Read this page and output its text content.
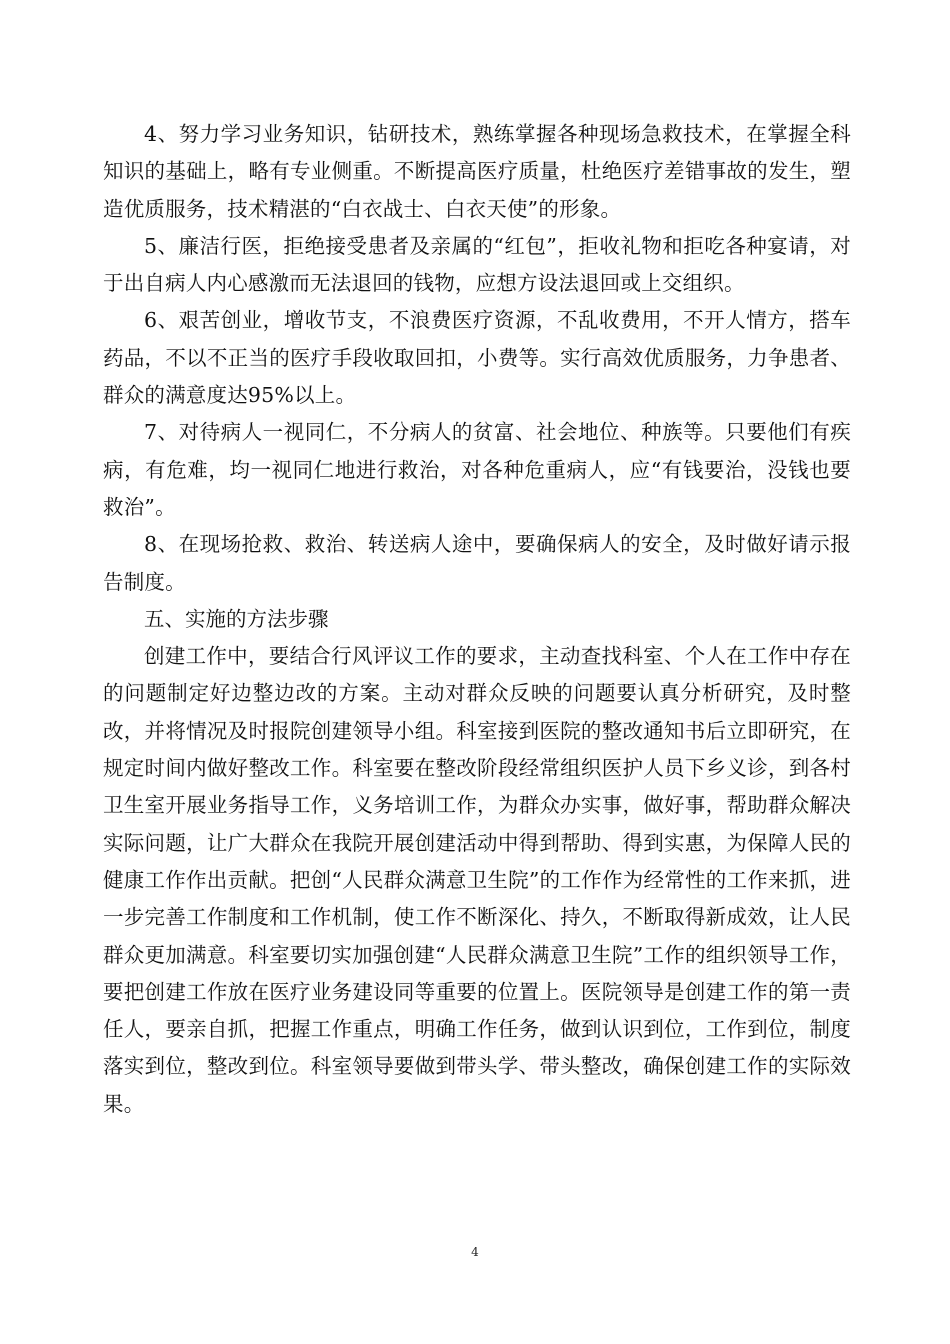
4、努力学习业务知识，钻研技术，熟练掌握各种现场急救技术，在掌握全科知识的基础上，略有专业侧重。不断提高医疗质量，杜绝医疗差错事故的发生，塑造优质服务，技术精湛的“白衣战士、白衣天使”的形象。

5、廉洁行医，拒绝接受患者及亲属的“红包”，拒收礼物和拒吃各种宴请，对于出自病人内心感激而无法退回的钱物，应想方设法退回或上交组织。

6、艰苦创业，增收节支，不浪费医疗资源，不乱收费用，不开人情方，搭车药品，不以不正当的医疗手段收取回扣，小费等。实行高效优质服务，力争患者、群众的满意度达95%以上。

7、对待病人一视同仁，不分病人的贫富、社会地位、种族等。只要他们有疾病，有危难，均一视同仁地进行救治，对各种危重病人，应“有钱要治，没钱也要救治”。

8、在现场抢救、救治、转送病人途中，要确保病人的安全，及时做好请示报告制度。

五、实施的方法步骤

创建工作中，要结合行风评议工作的要求，主动查找科室、个人在工作中存在的问题制定好边整边改的方案。主动对群众反映的问题要认真分析研究，及时整改，并将情况及时报院创建领导小组。科室接到医院的整改通知书后立即研究，在规定时间内做好整改工作。科室要在整改阶段经常组织医护人员下乡义诊，到各村卫生室开展业务指导工作，义务培训工作，为群众办实事，做好事，帮助群众解决实际问题，让广大群众在我院开展创建活动中得到帮助、得到实惠，为保障人民的健康工作作出贡献。把创“人民群众满意卫生院”的工作作为经常性的工作来抓，进一步完善工作制度和工作机制，使工作不断深化、持久，不断取得新成效，让人民群众更加满意。科室要切实加强创建“人民群众满意卫生院”工作的组织领导工作，要把创建工作放在医疗业务建设同等重要的位置上。医院领导是创建工作的第一责任人，要亲自抓，把握工作重点，明确工作任务，做到认识到位，工作到位，制度落实到位，整改到位。科室领导要做到带头学、带头整改，确保创建工作的实际效果。

4
